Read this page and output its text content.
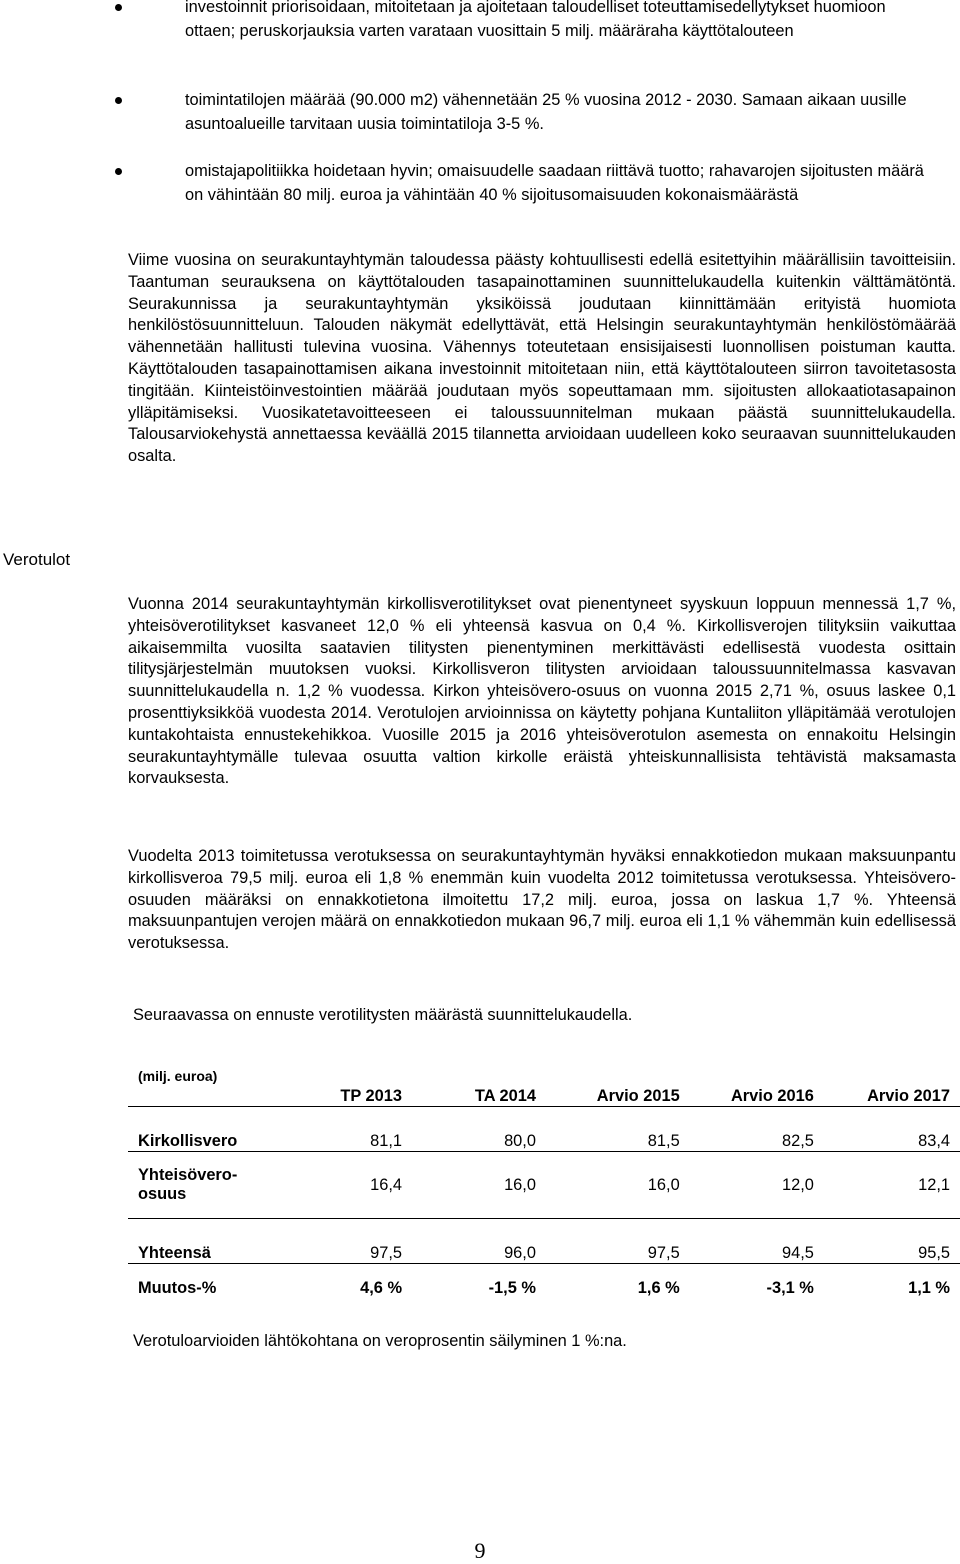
investoinnit priorisoidaan, mitoitetaan ja ajoitetaan taloudelliset toteuttamisedellytykset huomioon ottaen; peruskorjauksia varten varataan vuosittain 5 milj. määräraha käyttötalouteen
toimintatilojen määrää (90.000 m2) vähennetään 25 % vuosina 2012 - 2030. Samaan aikaan uusille asuntoalueille tarvitaan uusia toimintatiloja 3-5 %.
omistajapolitiikka hoidetaan hyvin; omaisuudelle saadaan riittävä tuotto; rahavarojen sijoitusten määrä on vähintään 80 milj. euroa ja vähintään 40 % sijoitusomaisuuden kokonaismäärästä
Viime vuosina on seurakuntayhtymän taloudessa päästy kohtuullisesti edellä esitettyihin määrällisiin tavoitteisiin. Taantuman seurauksena on käyttötalouden tasapainottaminen suunnittelukaudella kuitenkin välttämätöntä. Seurakunnissa ja seurakuntayhtymän yksiköissä joudutaan kiinnittämään erityistä huomiota henkilöstösuunnitteluun. Talouden näkymät edellyttävät, että Helsingin seurakuntayhtymän henkilöstömäärää vähennetään hallitusti tulevina vuosina. Vähennys toteutetaan ensisijaisesti luonnollisen poistuman kautta. Käyttötalouden tasapainottamisen aikana investoinnit mitoitetaan niin, että käyttötalouteen siirron tavoitetasosta tingitään. Kiinteistöinvestointien määrää joudutaan myös sopeuttamaan mm. sijoitusten allokaatiotasapainon ylläpitämiseksi. Vuosikatetavoitteeseen ei taloussuunnitelman mukaan päästä suunnittelukaudella. Talousarviokehystä annettaessa keväällä 2015 tilannetta arvioidaan uudelleen koko seuraavan suunnittelukauden osalta.
Verotulot
Vuonna 2014 seurakuntayhtymän kirkollisverotilitykset ovat pienentyneet syyskuun loppuun mennessä 1,7 %, yhteisöverotilitykset kasvaneet 12,0 % eli yhteensä kasvua on 0,4 %. Kirkollisverojen tilityksiin vaikuttaa aikaisemmilta vuosilta saatavien tilitysten pienentyminen merkittävästi edellisestä vuodesta osittain tilitysjärjestelmän muutoksen vuoksi. Kirkollisveron tilitysten arvioidaan taloussuunnitelmassa kasvavan suunnittelukaudella n. 1,2 % vuodessa. Kirkon yhteisövero-osuus on vuonna 2015 2,71 %, osuus laskee 0,1 prosenttiyksikköä vuodesta 2014. Verotulojen arvioinnissa on käytetty pohjana Kuntaliiton ylläpitämää verotulojen kuntakohtaista ennustekehikkoa. Vuosille 2015 ja 2016 yhteisöverotulon asemesta on ennakoitu Helsingin seurakuntayhtymälle tulevaa osuutta valtion kirkolle eräistä yhteiskunnallisista tehtävistä maksamasta korvauksesta.
Vuodelta 2013 toimitetussa verotuksessa on seurakuntayhtymän hyväksi ennakkotiedon mukaan maksuunpantu kirkollisveroa 79,5 milj. euroa eli 1,8 % enemmän kuin vuodelta 2012 toimitetussa verotuksessa. Yhteisövero-osuuden määräksi on ennakkotietona ilmoitettu 17,2 milj. euroa, jossa on laskua 1,7 %. Yhteensä maksuunpantujen verojen määrä on ennakkotiedon mukaan 96,7 milj. euroa eli 1,1 % vähemmän kuin edellisessä verotuksessa.
Seuraavassa on ennuste verotilitysten määrästä suunnittelukaudella.
(milj. euroa)	TP 2013	TA 2014	Arvio 2015	Arvio 2016	Arvio 2017
Kirkollisvero	81,1	80,0	81,5	82,5	83,4
Yhteisövero-
osuus	16,4	16,0	16,0	12,0	12,1
Yhteensä	97,5	96,0	97,5	94,5	95,5
Muutos-%	4,6 %	-1,5 %	1,6 %	-3,1 %	1,1 %
Verotuloarvioiden lähtökohtana on veroprosentin säilyminen 1 %:na.
9
